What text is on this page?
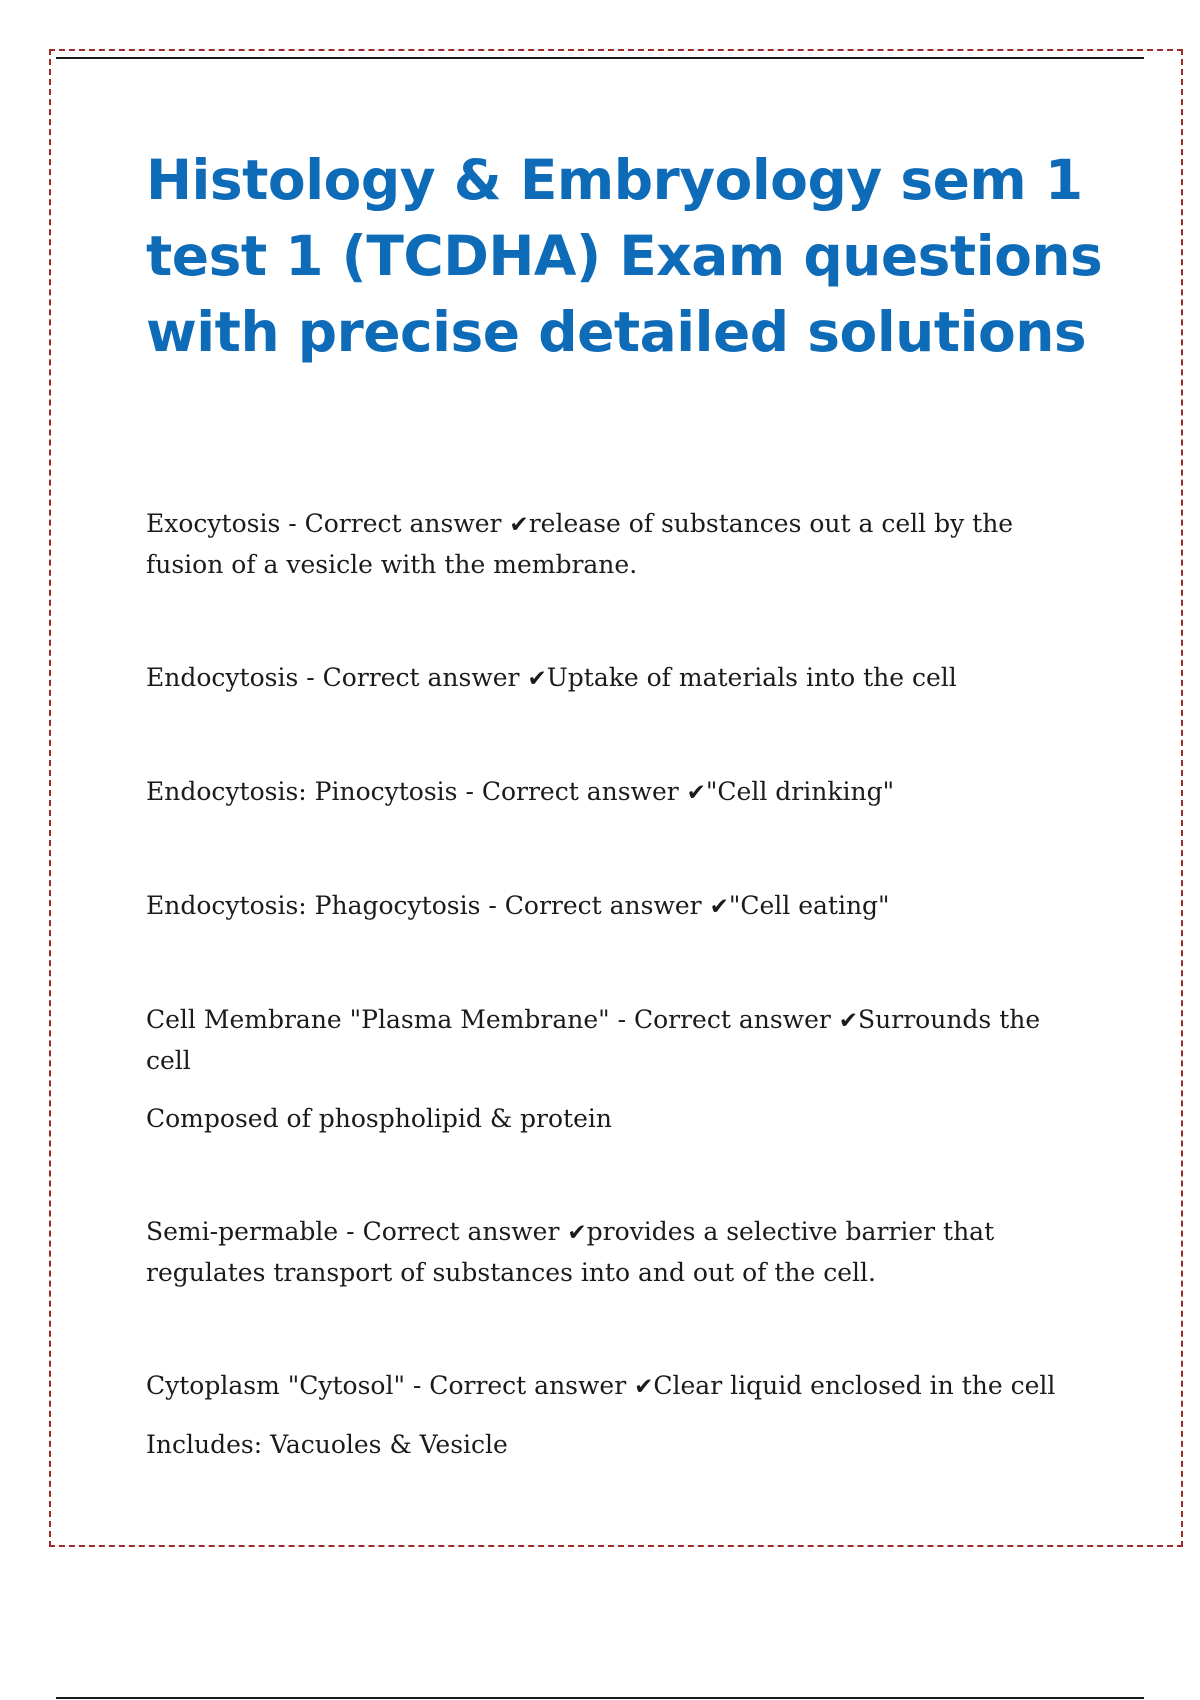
Histology & Embryology sem 1 test 1 (TCDHA) Exam questions with precise detailed solutions

Exocytosis - Correct answer ✔release of substances out a cell by the fusion of a vesicle with the membrane.

Endocytosis - Correct answer ✔Uptake of materials into the cell

Endocytosis: Pinocytosis - Correct answer ✔"Cell drinking"

Endocytosis: Phagocytosis - Correct answer ✔"Cell eating"

Cell Membrane "Plasma Membrane" - Correct answer ✔Surrounds the cell
Composed of phospholipid & protein

Semi-permable - Correct answer ✔provides a selective barrier that regulates transport of substances into and out of the cell.

Cytoplasm "Cytosol" - Correct answer ✔Clear liquid enclosed in the cell
Includes: Vacuoles & Vesicle
